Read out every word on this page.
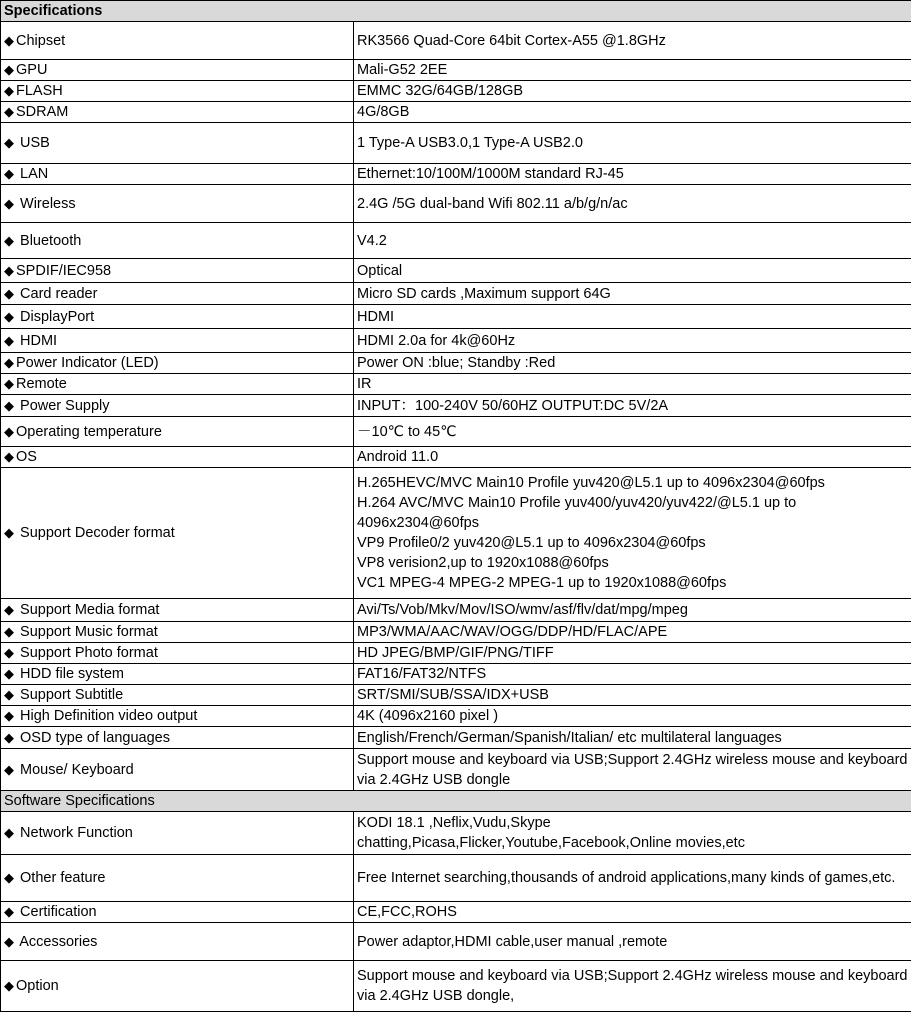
Specifications	
◆ Chipset	RK3566 Quad-Core 64bit Cortex-A55 @1.8GHz
◆ GPU	Mali-G52 2EE
◆ FLASH	EMMC 32G/64GB/128GB
◆ SDRAM	4G/8GB
◆ USB	1 Type-A USB3.0,1 Type-A USB2.0
◆ LAN	Ethernet:10/100M/1000M standard RJ-45
◆ Wireless	2.4G /5G dual-band Wifi 802.11 a/b/g/n/ac
◆ Bluetooth	V4.2
◆ SPDIF/IEC958	Optical
◆ Card reader	Micro SD cards ,Maximum support 64G
◆ DisplayPort	HDMI
◆ HDMI	HDMI 2.0a for 4k@60Hz
◆ Power Indicator (LED)	Power ON :blue; Standby :Red
◆ Remote	IR
◆ Power Supply	INPUT：100-240V 50/60HZ OUTPUT:DC 5V/2A
◆ Operating temperature	－10℃ to 45℃
◆ OS	Android 11.0
◆ Support Decoder format	H.265HEVC/MVC Main10 Profile yuv420@L5.1 up to 4096x2304@60fps
H.264 AVC/MVC Main10 Profile yuv400/yuv420/yuv422/@L5.1 up to 4096x2304@60fps
VP9 Profile0/2 yuv420@L5.1 up to 4096x2304@60fps
VP8 verision2,up to 1920x1088@60fps
VC1 MPEG-4 MPEG-2 MPEG-1 up to 1920x1088@60fps
◆ Support Media format	Avi/Ts/Vob/Mkv/Mov/ISO/wmv/asf/flv/dat/mpg/mpeg
◆ Support Music format	MP3/WMA/AAC/WAV/OGG/DDP/HD/FLAC/APE
◆ Support Photo format	HD JPEG/BMP/GIF/PNG/TIFF
◆ HDD file system	FAT16/FAT32/NTFS
◆ Support Subtitle	SRT/SMI/SUB/SSA/IDX+USB
◆ High Definition video output	4K (4096x2160 pixel )
◆ OSD type of languages	English/French/German/Spanish/Italian/ etc multilateral languages
◆ Mouse/ Keyboard	Support mouse and keyboard via USB;Support 2.4GHz wireless mouse and keyboard via 2.4GHz USB dongle
Software Specifications	
◆ Network Function	KODI 18.1 ,Neflix,Vudu,Skype
chatting,Picasa,Flicker,Youtube,Facebook,Online movies,etc
◆ Other feature	Free Internet searching,thousands of android applications,many kinds of games,etc.
◆ Certification	CE,FCC,ROHS
◆ Accessories	Power adaptor,HDMI cable,user manual ,remote
◆ Option	Support mouse and keyboard via USB;Support 2.4GHz wireless mouse and keyboard via 2.4GHz USB dongle,
